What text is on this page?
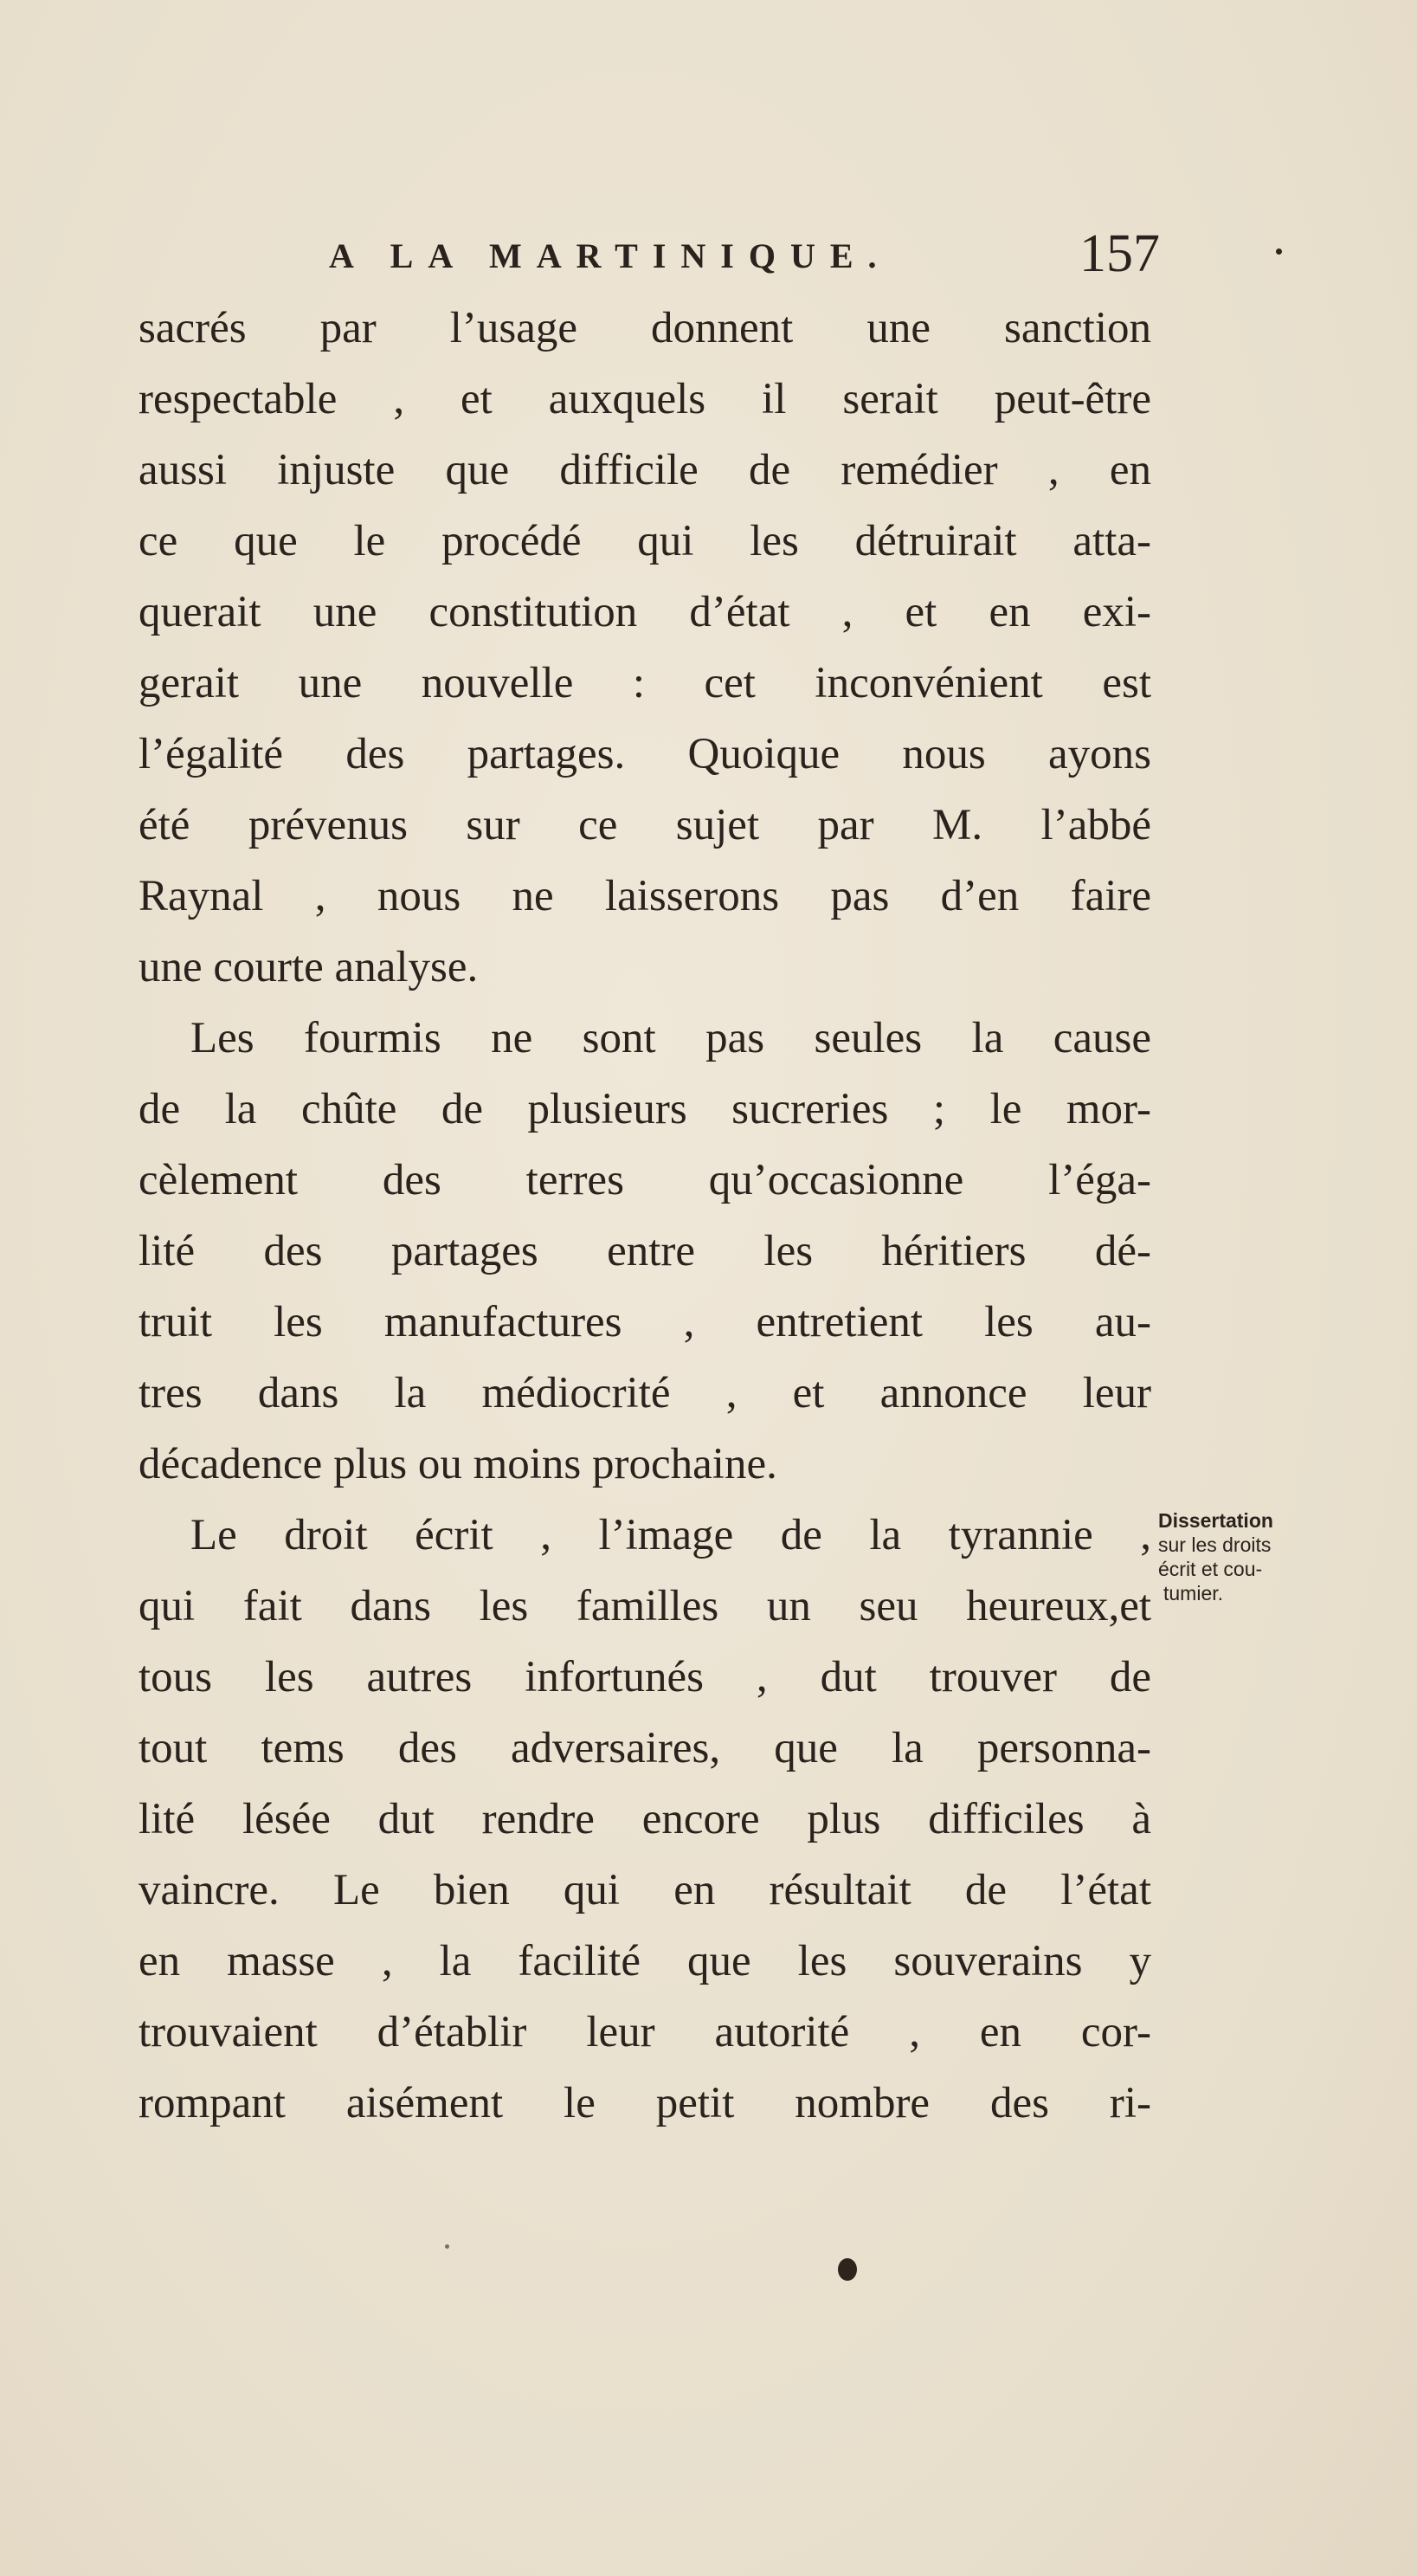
A LA MARTINIQUE.	157
sacrés par l’usage donnent une sanction
respectable , et auxquels il serait peut-être
aussi injuste que difficile de remédier , en
ce que le procédé qui les détruirait atta-
querait une constitution d’état , et en exi-
gerait une nouvelle : cet inconvénient est
l’égalité des partages. Quoique nous ayons
été prévenus sur ce sujet par M. l’abbé
Raynal , nous ne laisserons pas d’en faire
une courte analyse.
Les fourmis ne sont pas seules la cause
de la chûte de plusieurs sucreries ; le mor-
cèlement des terres qu’occasionne l’éga-
lité des partages entre les héritiers dé-
truit les manufactures , entretient les au-
tres dans la médiocrité , et annonce leur
décadence plus ou moins prochaine.
Le droit écrit , l’image de la tyrannie ,
qui fait dans les familles un seu heureux,et
tous les autres infortunés , dut trouver de
tout tems des adversaires, que la personna-
lité lésée dut rendre encore plus difficiles à
vaincre. Le bien qui en résultait de l’état
en masse , la facilité que les souverains y
trouvaient d’établir leur autorité , en cor-
rompant aisément le petit nombre des ri-
Dissertation
sur les droits
écrit et cou-
tumier.
